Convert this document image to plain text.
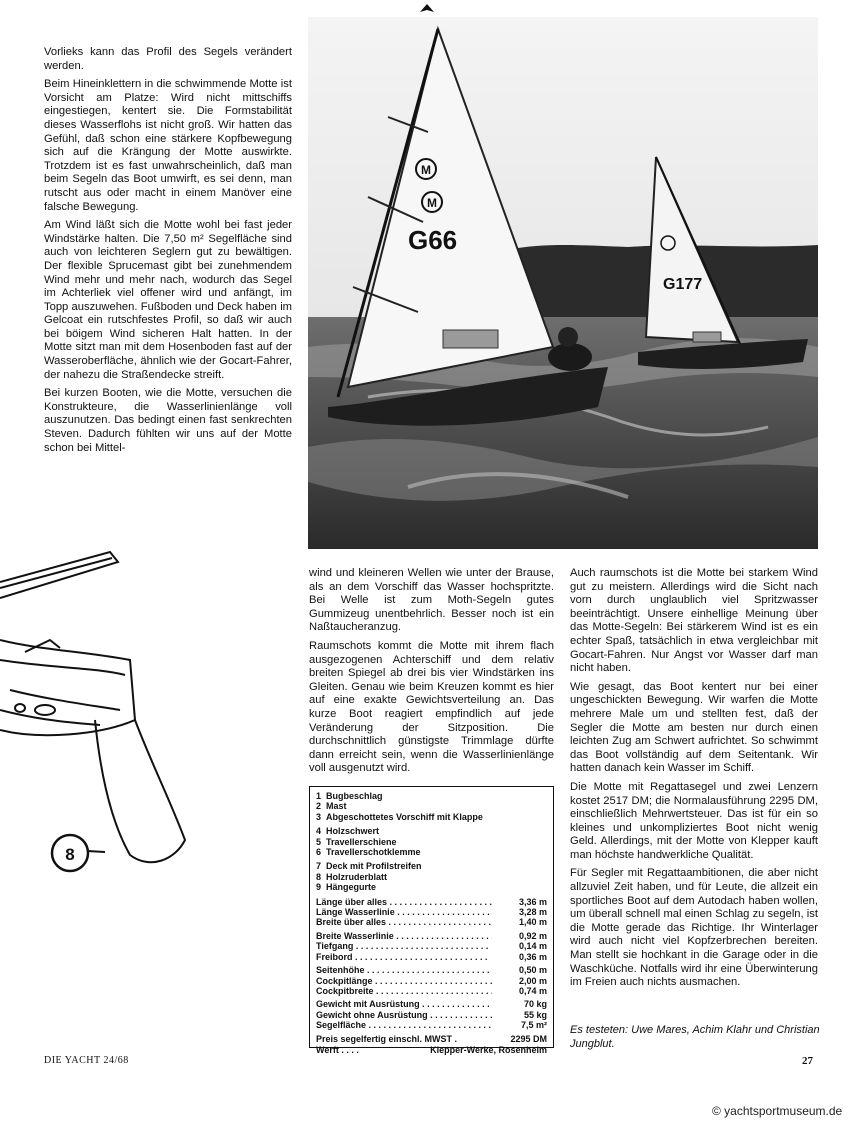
Vorlieks kann das Profil des Segels verändert werden.

Beim Hineinklettern in die schwimmende Motte ist Vorsicht am Platze: Wird nicht mittschiffs eingestiegen, kentert sie. Die Formstabilität dieses Wasserflohs ist nicht groß. Wir hatten das Gefühl, daß schon eine stärkere Kopfbewegung sich auf die Krängung der Motte auswirkte. Trotzdem ist es fast unwahrscheinlich, daß man beim Segeln das Boot umwirft, es sei denn, man rutscht aus oder macht in einem Manöver eine falsche Bewegung.

Am Wind läßt sich die Motte wohl bei fast jeder Windstärke halten. Die 7,50 m² Segelfläche sind auch von leichteren Seglern gut zu bewältigen. Der flexible Sprucemast gibt bei zunehmendem Wind mehr und mehr nach, wodurch das Segel im Achterliek viel offener wird und anfängt, im Topp auszuwehen. Fußboden und Deck haben im Gelcoat ein rutschfestes Profil, so daß wir auch bei böigem Wind sicheren Halt hatten. In der Motte sitzt man mit dem Hosenboden fast auf der Wasseroberfläche, ähnlich wie der Gocart-Fahrer, der nahezu die Straßendecke streift.

Bei kurzen Booten, wie die Motte, versuchen die Konstrukteure, die Wasserlinienlänge voll auszunutzen. Das bedingt einen fast senkrechten Steven. Dadurch fühlten wir uns auf der Motte schon bei Mittel-

M
M
G66
G177
8

wind und kleineren Wellen wie unter der Brause, als an dem Vorschiff das Wasser hochspritzte. Bei Welle ist zum Moth-Segeln gutes Gummizeug unentbehrlich. Besser noch ist ein Naßtaucheranzug.

Raumschots kommt die Motte mit ihrem flach ausgezogenen Achterschiff und dem relativ breiten Spiegel ab drei bis vier Windstärken ins Gleiten. Genau wie beim Kreuzen kommt es hier auf eine exakte Gewichtsverteilung an. Das kurze Boot reagiert empfindlich auf jede Veränderung der Sitzposition. Die durchschnittlich günstigste Trimmlage dürfte dann erreicht sein, wenn die Wasserlinienlänge voll ausgenutzt wird.

1 Bugbeschlag
2 Mast
3 Abgeschottetes Vorschiff mit Klappe
4 Holzschwert
5 Travellerschiene
6 Travellerschotklemme
7 Deck mit Profilstreifen
8 Holzruderblatt
9 Hängegurte
Länge über alles . . .	3,36 m
Länge Wasserlinie . . .	3,28 m
Breite über alles . . .	1,40 m
Breite Wasserlinie . . .	0,92 m
Tiefgang . . .	0,14 m
Freibord . . .	0,36 m
Seitenhöhe . . .	0,50 m
Cockpitlänge . . .	2,00 m
Cockpitbreite . . .	0,74 m
Gewicht mit Ausrüstung . . .	70 kg
Gewicht ohne Ausrüstung . . .	55 kg
Segelfläche . . .	7,5 m²
Preis segelfertig einschl. MWST .	2295 DM
Werft . . . .	Klepper-Werke, Rosenheim

Auch raumschots ist die Motte bei starkem Wind gut zu meistern. Allerdings wird die Sicht nach vorn durch unglaublich viel Spritzwasser beeinträchtigt. Unsere einhellige Meinung über das Motte-Segeln: Bei stärkerem Wind ist es ein echter Spaß, tatsächlich in etwa vergleichbar mit Gocart-Fahren. Nur Angst vor Wasser darf man nicht haben.

Wie gesagt, das Boot kentert nur bei einer ungeschickten Bewegung. Wir warfen die Motte mehrere Male um und stellten fest, daß der Segler die Motte am besten nur durch einen leichten Zug am Schwert aufrichtet. So schwimmt das Boot vollständig auf dem Seitentank. Wir hatten danach kein Wasser im Schiff.

Die Motte mit Regattasegel und zwei Lenzern kostet 2517 DM; die Normalausführung 2295 DM, einschließlich Mehrwertsteuer. Das ist für ein so kleines und unkompliziertes Boot nicht wenig Geld. Allerdings, mit der Motte von Klepper kauft man höchste handwerkliche Qualität.

Für Segler mit Regattaambitionen, die aber nicht allzuviel Zeit haben, und für Leute, die allzeit ein sportliches Boot auf dem Autodach haben wollen, um überall schnell mal einen Schlag zu segeln, ist die Motte gerade das Richtige. Ihr Winterlager wird auch nicht viel Kopfzerbrechen bereiten. Man stellt sie hochkant in die Garage oder in die Waschküche. Notfalls wird ihr eine Überwinterung im Freien auch nichts ausmachen.

Es testeten: Uwe Mares, Achim Klahr und Christian Jungblut.
DIE YACHT 24/68	27
© yachtsportmuseum.de
